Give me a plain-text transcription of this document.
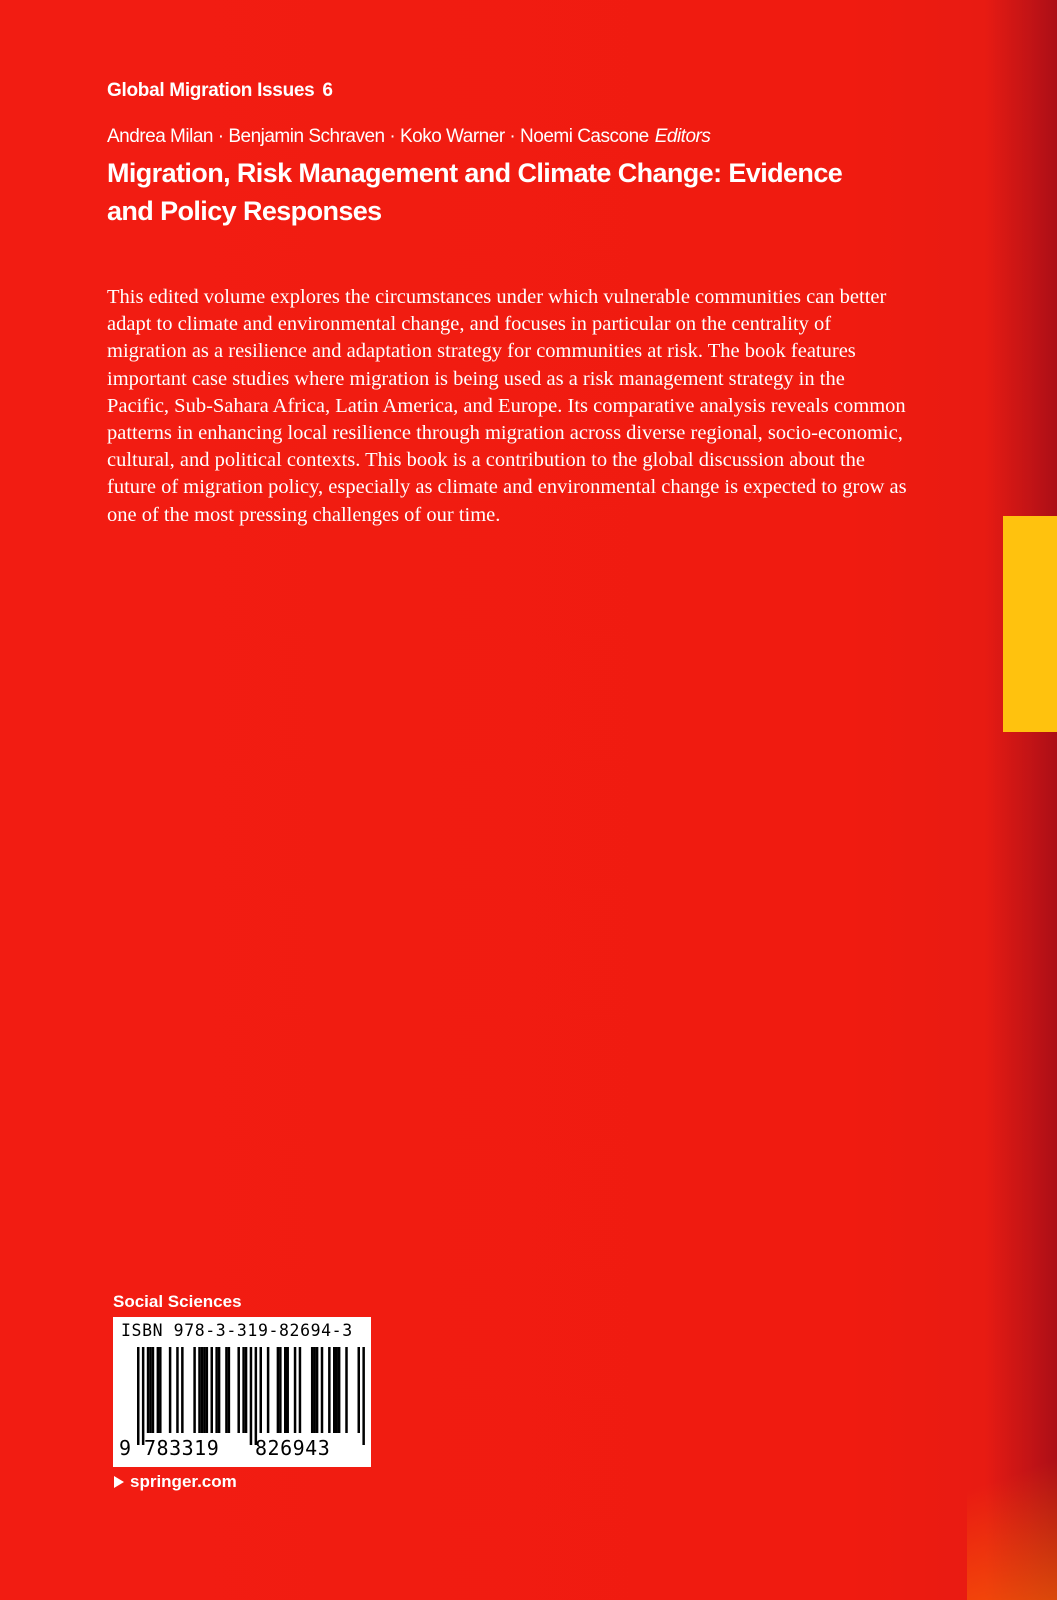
Global Migration Issues 6
Andrea Milan · Benjamin Schraven · Koko Warner · Noemi Cascone Editors
Migration, Risk Management and Climate Change: Evidence and Policy Responses

This edited volume explores the circumstances under which vulnerable communities can better adapt to climate and environmental change, and focuses in particular on the centrality of migration as a resilience and adaptation strategy for communities at risk. The book features important case studies where migration is being used as a risk management strategy in the Pacific, Sub-Sahara Africa, Latin America, and Europe. Its comparative analysis reveals common patterns in enhancing local resilience through migration across diverse regional, socio-economic, cultural, and political contexts. This book is a contribution to the global discussion about the future of migration policy, especially as climate and environmental change is expected to grow as one of the most pressing challenges of our time.

Social Sciences
ISBN 978-3-319-82694-3
9 783319 826943
springer.com
